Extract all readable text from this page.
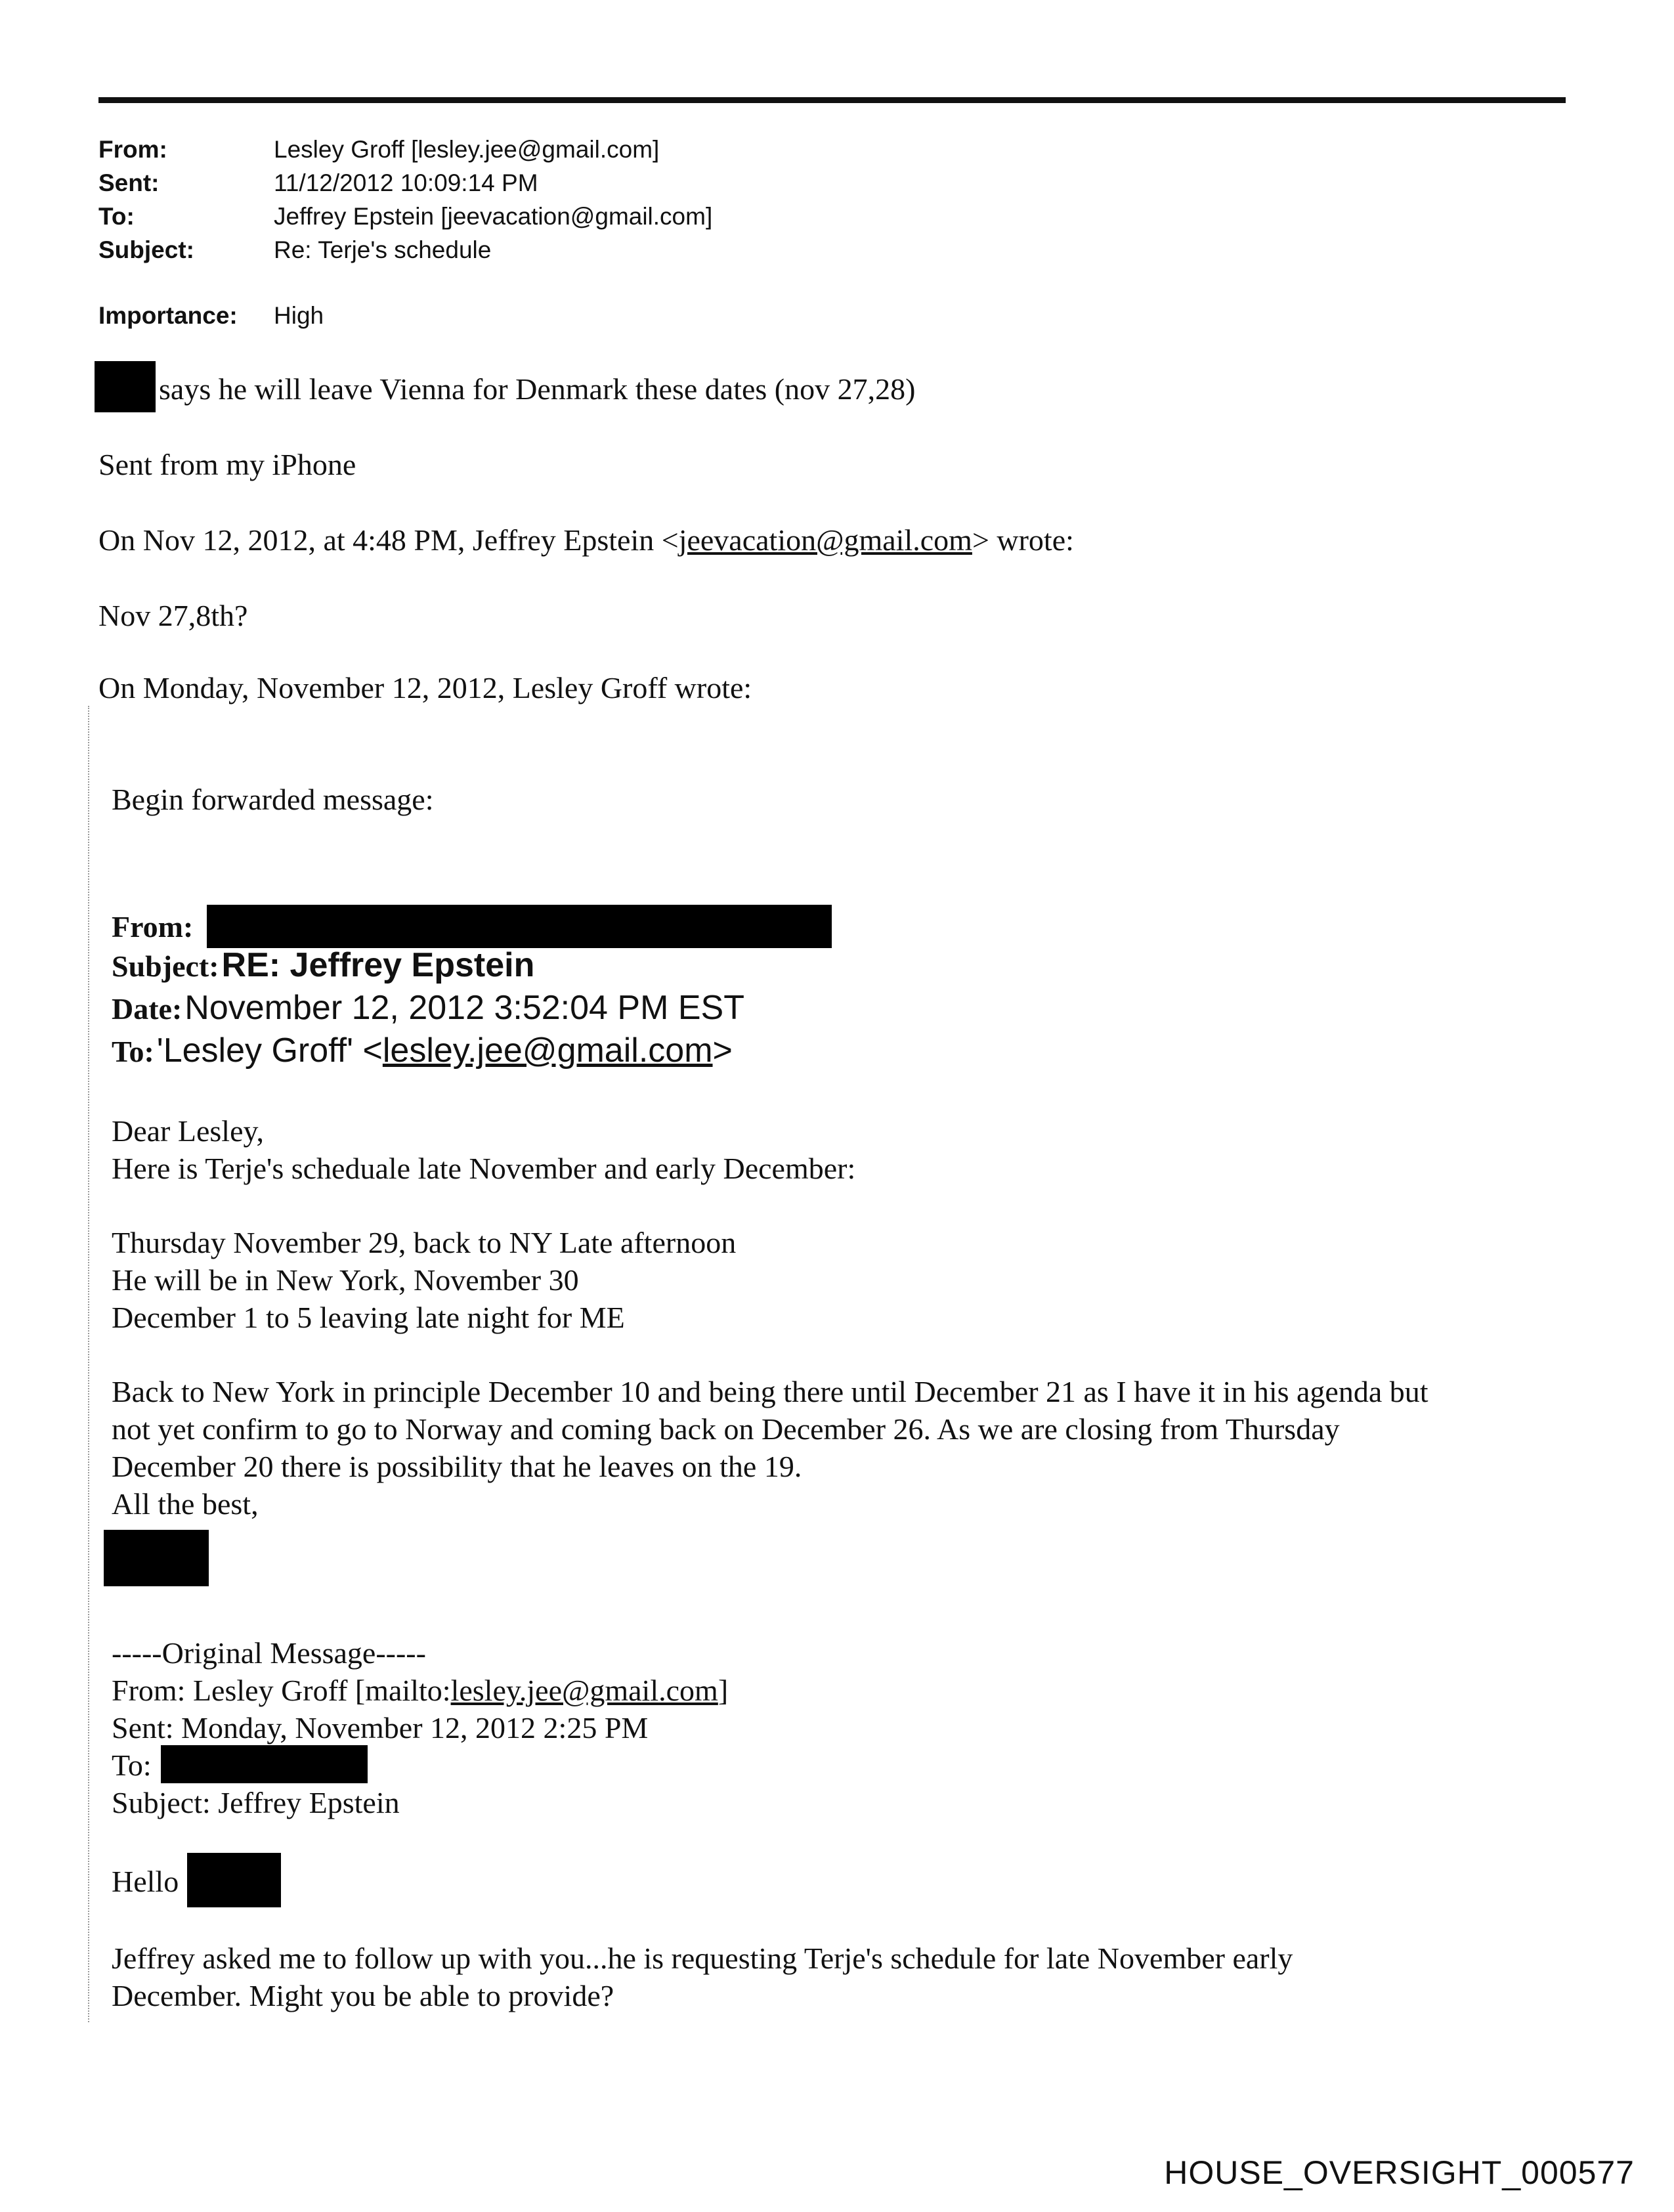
From:	Lesley Groff [lesley.jee@gmail.com]
Sent:	11/12/2012 10:09:14 PM
To:	Jeffrey Epstein [jeevacation@gmail.com]
Subject:	Re: Terje's schedule
Importance: High
says he will leave Vienna for Denmark these dates (nov 27,28)
Sent from my iPhone
On Nov 12, 2012, at 4:48 PM, Jeffrey Epstein <jeevacation@gmail.com> wrote:
Nov 27,8th?
On Monday, November 12, 2012, Lesley Groff wrote:
Begin forwarded message:
From:
Subject: RE: Jeffrey Epstein
Date: November 12, 2012 3:52:04 PM EST
To: 'Lesley Groff' <lesley.jee@gmail.com>
Dear Lesley,
Here is Terje's scheduale late November and early December:
Thursday November 29, back to NY Late afternoon
He will be in New York, November 30
December 1 to 5 leaving late night for ME
Back to New York in principle December 10 and being there until December 21 as I have it in his agenda but
not yet confirm to go to Norway and coming back on December 26. As we are closing from Thursday
December 20 there is possibility that he leaves on the 19.
All the best,
-----Original Message-----
From: Lesley Groff [mailto:lesley.jee@gmail.com]
Sent: Monday, November 12, 2012 2:25 PM
To:
Subject: Jeffrey Epstein
Hello
Jeffrey asked me to follow up with you...he is requesting Terje's schedule for late November early
December. Might you be able to provide?
HOUSE_OVERSIGHT_000577
